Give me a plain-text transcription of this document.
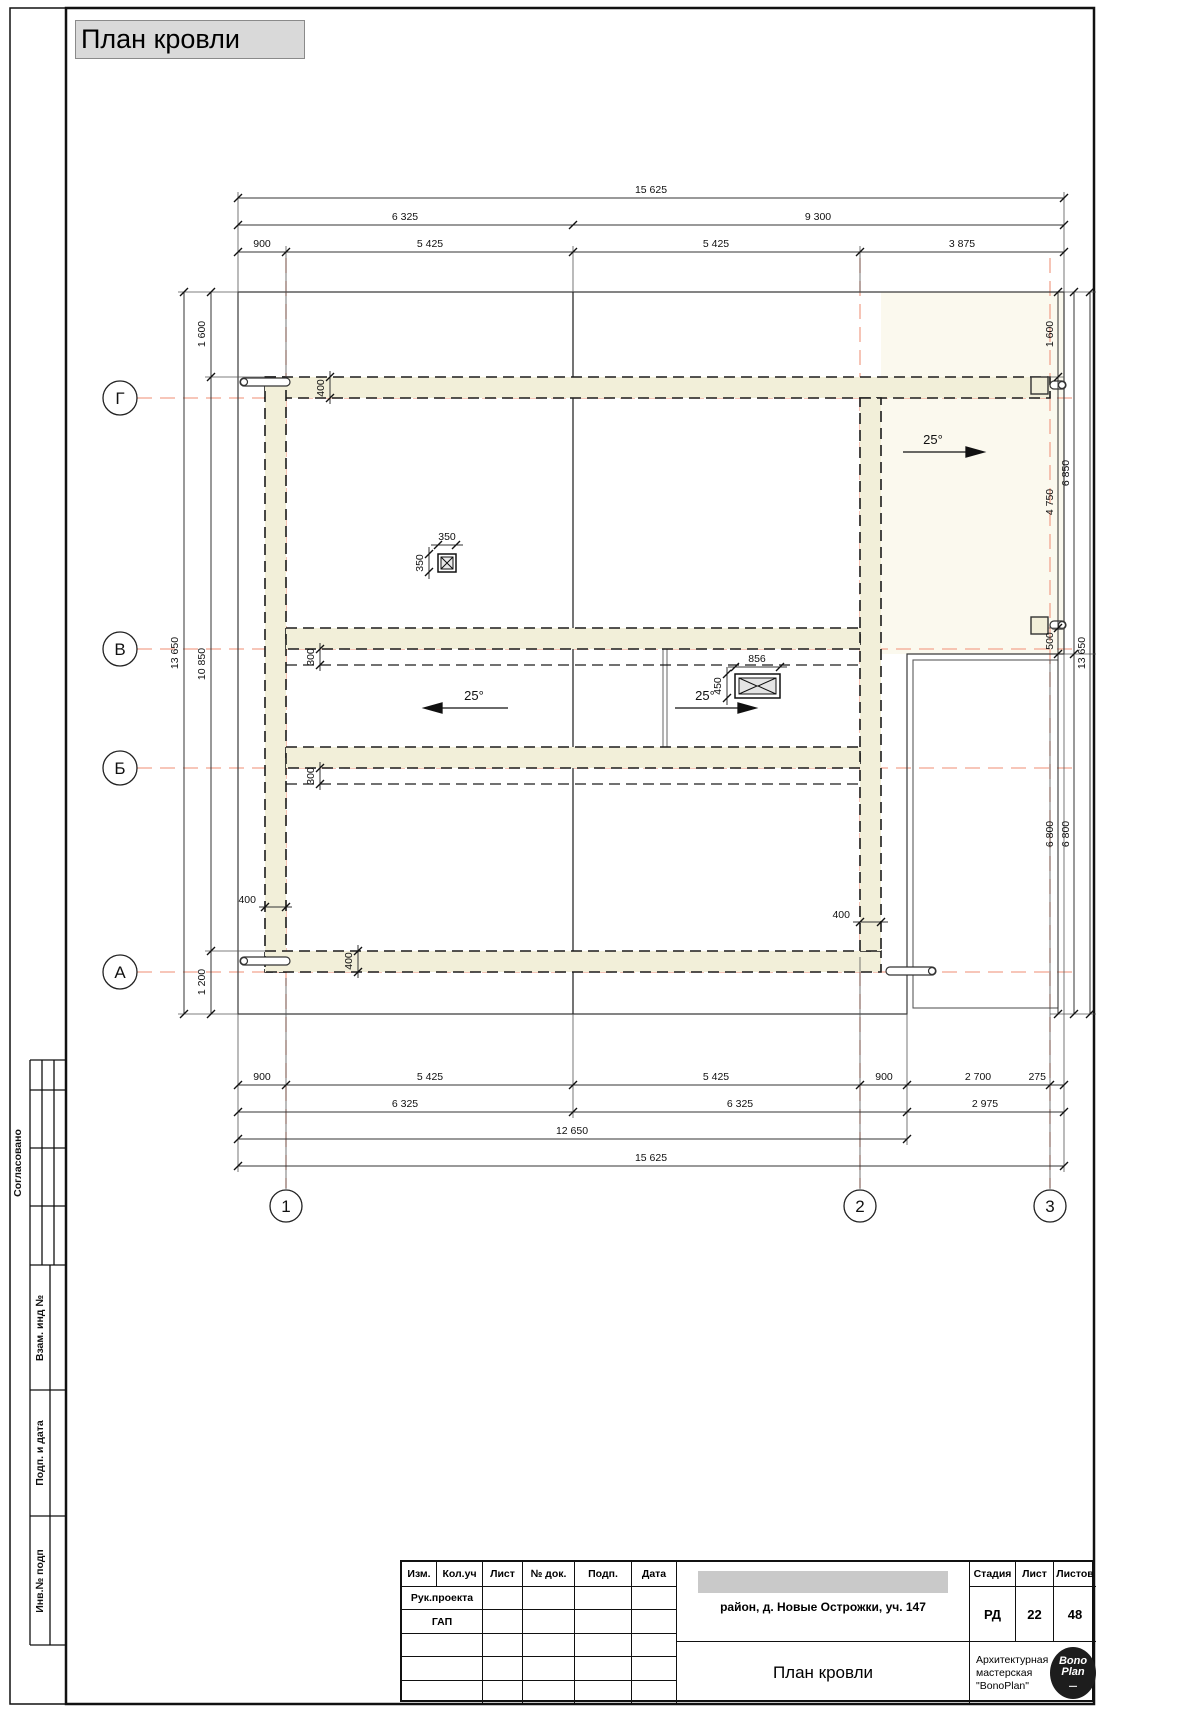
25°	25°
25°
15 625
6 325	9 300
900	5 425	5 425	3 875
900	5 425	5 425	900	2 700	275
6 325	6 325	2 975
12 650
15 625
1 600
10 850
1 200
13 650
1 600
4 750
500
6 800
6 850
6 800
13 650
400
300
300
400
400
400
350
350
856
450
Г
В
Б
А
1	2	3
Согласовано
Взам. инд №
Подп. и дата
Инв.№ подп
План кровли
Изм.	Кол.уч	Лист	№ док.	Подп.	Дата
Рук.проекта
ГАП
район, д. Новые Острожки, уч. 147
План кровли
Стадия	Лист Листов
РД	22	48
Архитектурная
мастерская "BonoPlan"
Bono
Plan
▬▬
